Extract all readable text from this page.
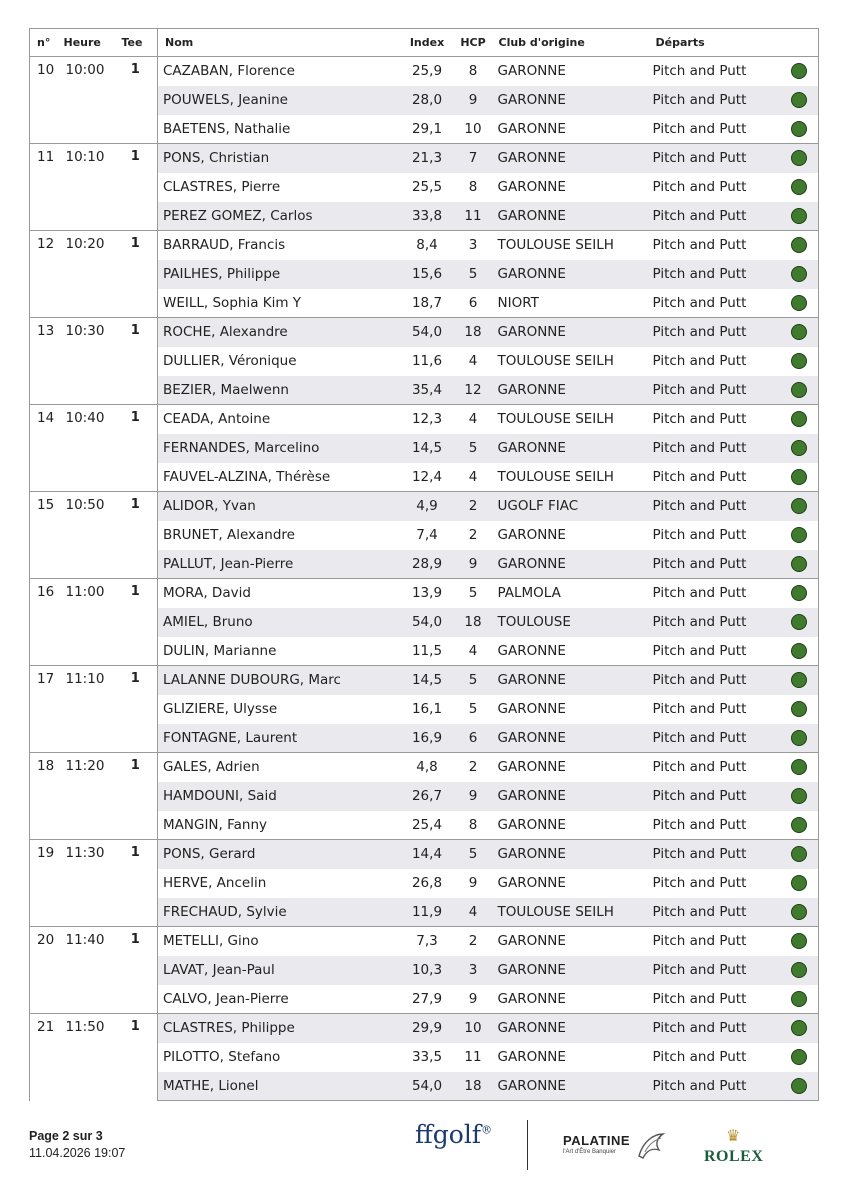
n°	Heure	Tee	Nom	Index	HCP	Club d'origine	Départs	
10	10:00	1	CAZABAN, Florence	25,9	8	GARONNE	Pitch and Putt	
			POUWELS, Jeanine	28,0	9	GARONNE	Pitch and Putt	
			BAETENS, Nathalie	29,1	10	GARONNE	Pitch and Putt	
11	10:10	1	PONS, Christian	21,3	7	GARONNE	Pitch and Putt	
			CLASTRES, Pierre	25,5	8	GARONNE	Pitch and Putt	
			PEREZ GOMEZ, Carlos	33,8	11	GARONNE	Pitch and Putt	
12	10:20	1	BARRAUD, Francis	8,4	3	TOULOUSE SEILH	Pitch and Putt	
			PAILHES, Philippe	15,6	5	GARONNE	Pitch and Putt	
			WEILL, Sophia Kim Y	18,7	6	NIORT	Pitch and Putt	
13	10:30	1	ROCHE, Alexandre	54,0	18	GARONNE	Pitch and Putt	
			DULLIER, Véronique	11,6	4	TOULOUSE SEILH	Pitch and Putt	
			BEZIER, Maelwenn	35,4	12	GARONNE	Pitch and Putt	
14	10:40	1	CEADA, Antoine	12,3	4	TOULOUSE SEILH	Pitch and Putt	
			FERNANDES, Marcelino	14,5	5	GARONNE	Pitch and Putt	
			FAUVEL-ALZINA, Thérèse	12,4	4	TOULOUSE SEILH	Pitch and Putt	
15	10:50	1	ALIDOR, Yvan	4,9	2	UGOLF FIAC	Pitch and Putt	
			BRUNET, Alexandre	7,4	2	GARONNE	Pitch and Putt	
			PALLUT, Jean-Pierre	28,9	9	GARONNE	Pitch and Putt	
16	11:00	1	MORA, David	13,9	5	PALMOLA	Pitch and Putt	
			AMIEL, Bruno	54,0	18	TOULOUSE	Pitch and Putt	
			DULIN, Marianne	11,5	4	GARONNE	Pitch and Putt	
17	11:10	1	LALANNE DUBOURG, Marc	14,5	5	GARONNE	Pitch and Putt	
			GLIZIERE, Ulysse	16,1	5	GARONNE	Pitch and Putt	
			FONTAGNE, Laurent	16,9	6	GARONNE	Pitch and Putt	
18	11:20	1	GALES, Adrien	4,8	2	GARONNE	Pitch and Putt	
			HAMDOUNI, Said	26,7	9	GARONNE	Pitch and Putt	
			MANGIN, Fanny	25,4	8	GARONNE	Pitch and Putt	
19	11:30	1	PONS, Gerard	14,4	5	GARONNE	Pitch and Putt	
			HERVE, Ancelin	26,8	9	GARONNE	Pitch and Putt	
			FRECHAUD, Sylvie	11,9	4	TOULOUSE SEILH	Pitch and Putt	
20	11:40	1	METELLI, Gino	7,3	2	GARONNE	Pitch and Putt	
			LAVAT, Jean-Paul	10,3	3	GARONNE	Pitch and Putt	
			CALVO, Jean-Pierre	27,9	9	GARONNE	Pitch and Putt	
21	11:50	1	CLASTRES, Philippe	29,9	10	GARONNE	Pitch and Putt	
			PILOTTO, Stefano	33,5	11	GARONNE	Pitch and Putt	
			MATHE, Lionel	54,0	18	GARONNE	Pitch and Putt	
Page 2 sur 3
11.04.2026 19:07
ffgolf®
PALATINE
l'Art d'Être Banquier
♛
ROLEX
